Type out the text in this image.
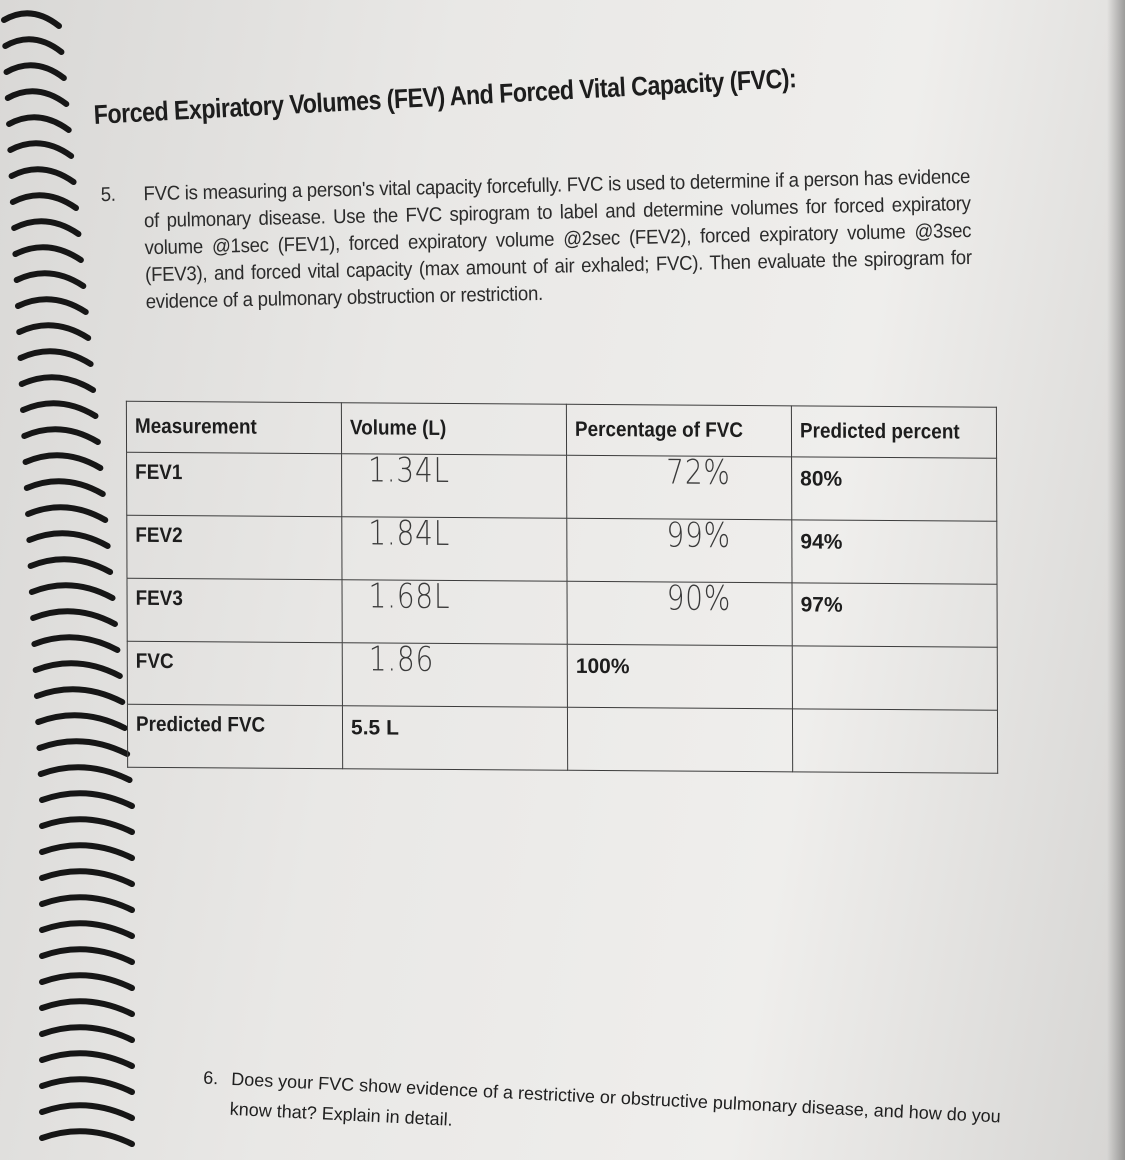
Forced Expiratory Volumes (FEV) And Forced Vital Capacity (FVC):
5. FVC is measuring a person's vital capacity forcefully. FVC is used to determine if a person has evidence of pulmonary disease. Use the FVC spirogram to label and determine volumes for forced expiratory volume @1sec (FEV1), forced expiratory volume @2sec (FEV2), forced expiratory volume @3sec (FEV3), and forced vital capacity (max amount of air exhaled; FVC). Then evaluate the spirogram for evidence of a pulmonary obstruction or restriction.
Measurement	Volume (L)	Percentage of FVC	Predicted percent
FEV1	1.34L	72%	80%
FEV2	1.84L	99%	94%
FEV3	1.68L	90%	97%
FVC	1.86	100%	
Predicted FVC	5.5 L		
6. Does your FVC show evidence of a restrictive or obstructive pulmonary disease, and how do you know that? Explain in detail.
